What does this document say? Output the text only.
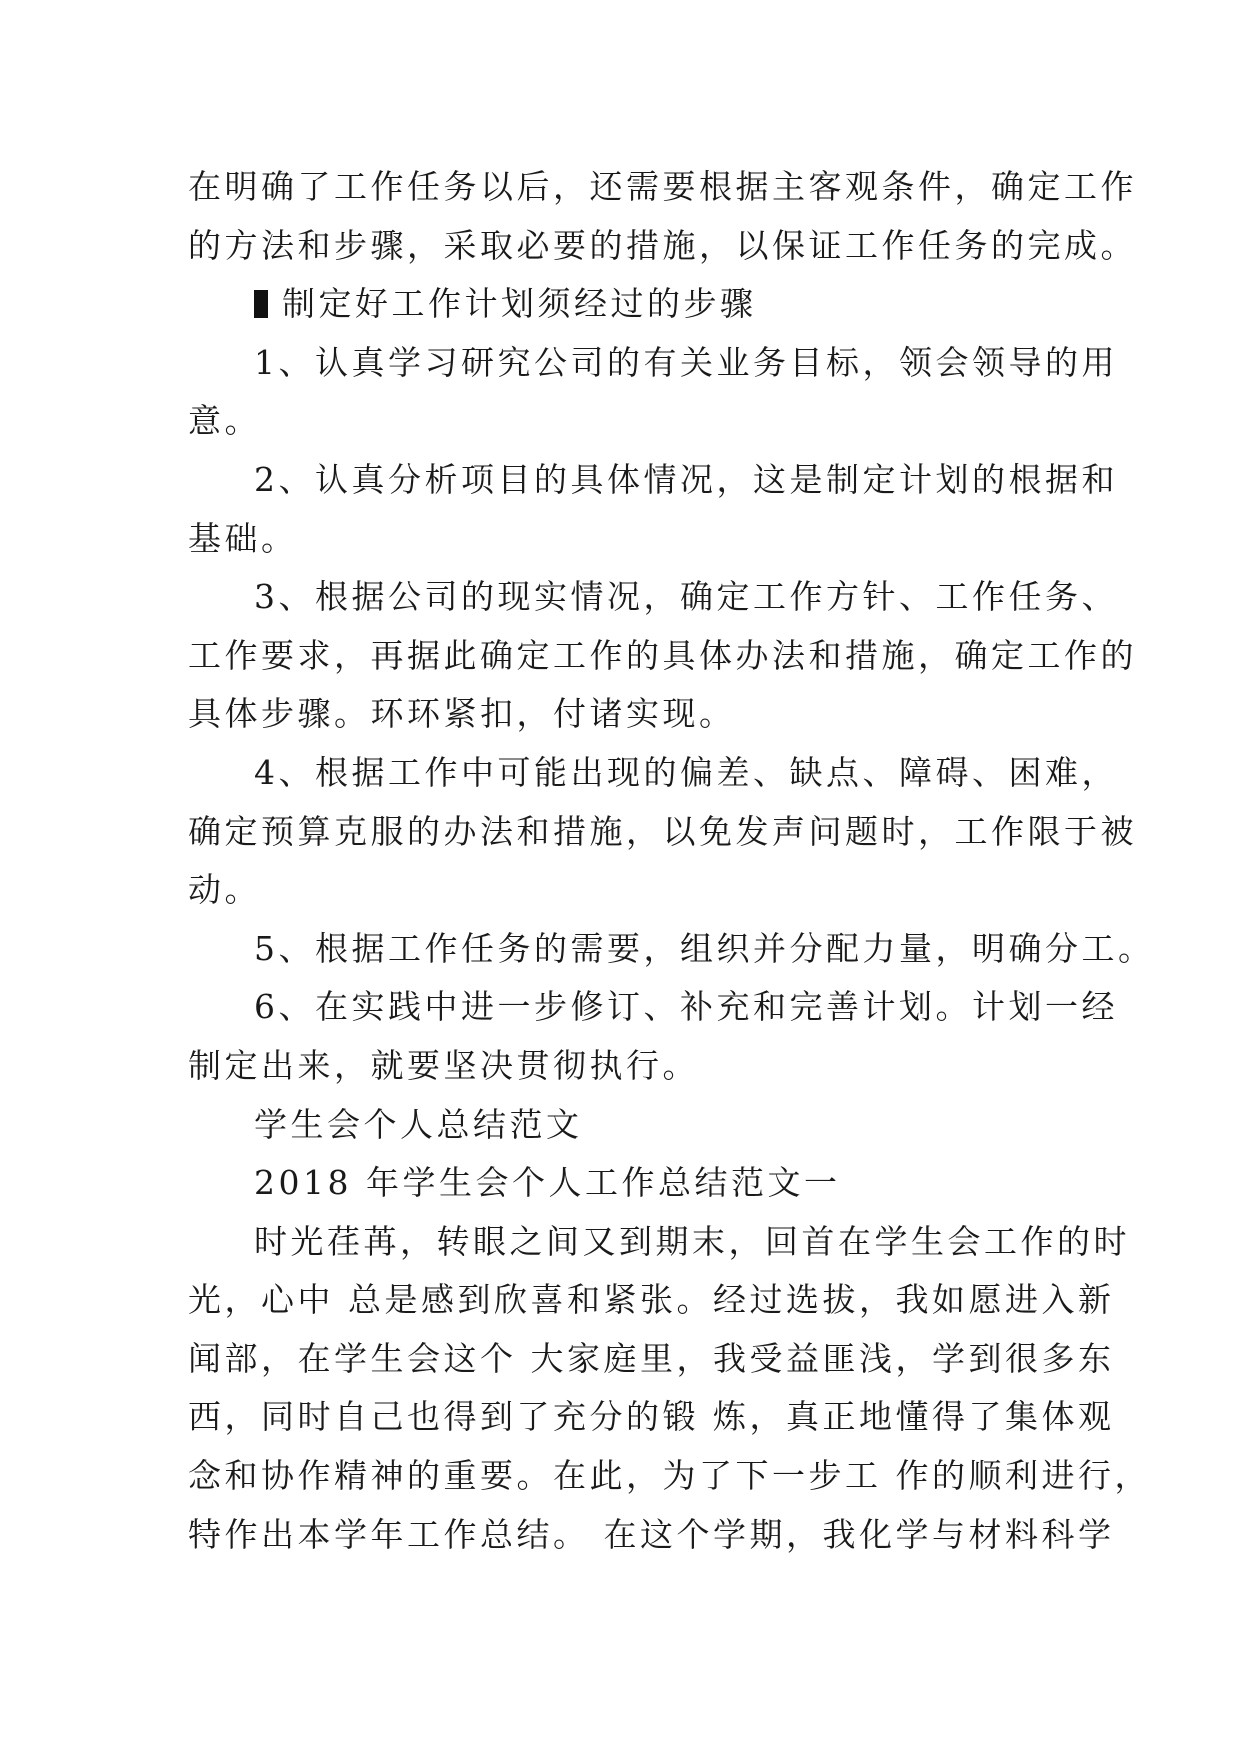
在明确了工作任务以后，还需要根据主客观条件，确定工作
的方法和步骤，采取必要的措施，以保证工作任务的完成。
制定好工作计划须经过的步骤
1、认真学习研究公司的有关业务目标，领会领导的用
意。
2、认真分析项目的具体情况，这是制定计划的根据和
基础。
3、根据公司的现实情况，确定工作方针、工作任务、
工作要求，再据此确定工作的具体办法和措施，确定工作的
具体步骤。环环紧扣，付诸实现。
4、根据工作中可能出现的偏差、缺点、障碍、困难，
确定预算克服的办法和措施，以免发声问题时，工作限于被
动。
5、根据工作任务的需要，组织并分配力量，明确分工。
6、在实践中进一步修订、补充和完善计划。计划一经
制定出来，就要坚决贯彻执行。
学生会个人总结范文
2018 年学生会个人工作总结范文一
时光荏苒，转眼之间又到期末，回首在学生会工作的时
光，心中 总是感到欣喜和紧张。经过选拔，我如愿进入新
闻部，在学生会这个 大家庭里，我受益匪浅，学到很多东
西，同时自己也得到了充分的锻 炼，真正地懂得了集体观
念和协作精神的重要。在此，为了下一步工 作的顺利进行，
特作出本学年工作总结。 在这个学期，我化学与材料科学
